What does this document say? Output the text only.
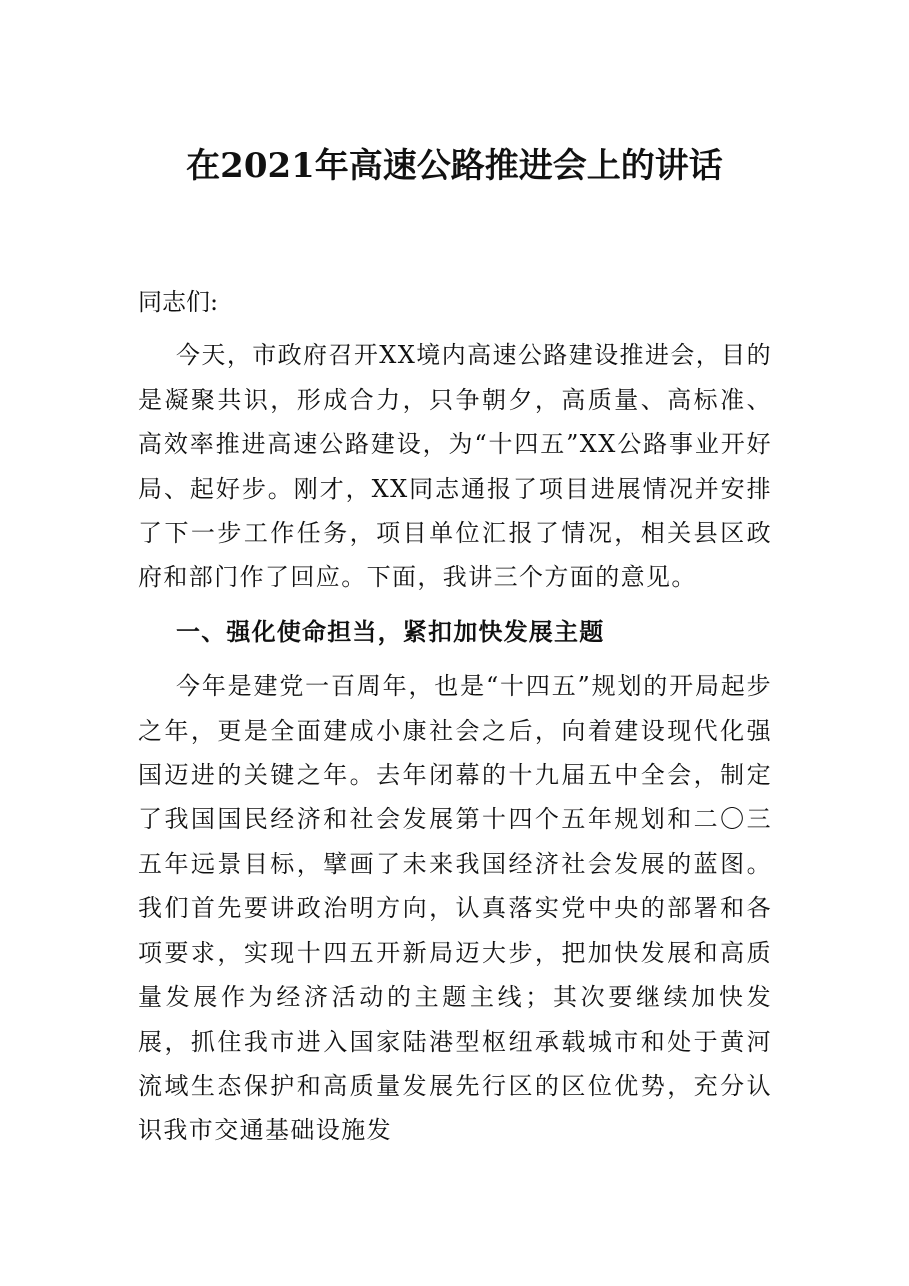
在2021年高速公路推进会上的讲话

同志们:

今天，市政府召开XX境内高速公路建设推进会，目的是凝聚共识，形成合力，只争朝夕，高质量、高标准、高效率推进高速公路建设，为“十四五”XX公路事业开好局、起好步。刚才，XX同志通报了项目进展情况并安排了下一步工作任务，项目单位汇报了情况，相关县区政府和部门作了回应。下面，我讲三个方面的意见。

一、强化使命担当，紧扣加快发展主题

今年是建党一百周年，也是“十四五”规划的开局起步之年，更是全面建成小康社会之后，向着建设现代化强国迈进的关键之年。去年闭幕的十九届五中全会，制定了我国国民经济和社会发展第十四个五年规划和二〇三五年远景目标，擘画了未来我国经济社会发展的蓝图。我们首先要讲政治明方向，认真落实党中央的部署和各项要求，实现十四五开新局迈大步，把加快发展和高质量发展作为经济活动的主题主线；其次要继续加快发展，抓住我市进入国家陆港型枢纽承载城市和处于黄河流域生态保护和高质量发展先行区的区位优势，充分认识我市交通基础设施发
